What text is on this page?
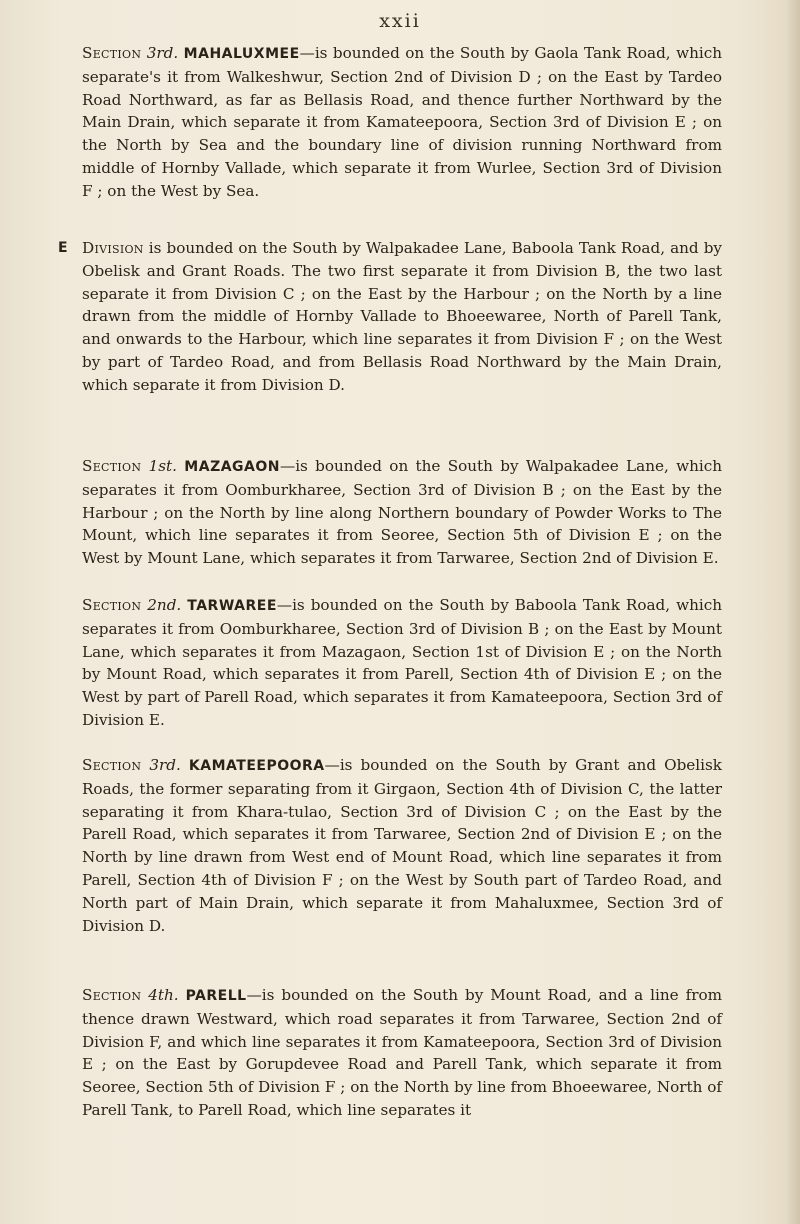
xxii

Section 3rd. MAHALUXMEE—is bounded on the South by Gaola Tank Road, which separate's it from Walkeshwur, Section 2nd of Division D ; on the East by Tardeo Road Northward, as far as Bellasis Road, and thence further Northward by the Main Drain, which separate it from Kamateepoora, Section 3rd of Division E ; on the North by Sea and the boundary line of division running Northward from middle of Hornby Vallade, which separate it from Wurlee, Section 3rd of Division F ; on the West by Sea.

E Division is bounded on the South by Walpakadee Lane, Baboola Tank Road, and by Obelisk and Grant Roads. The two first separate it from Division B, the two last separate it from Division C ; on the East by the Harbour ; on the North by a line drawn from the middle of Hornby Vallade to Bhoeewaree, North of Parell Tank, and onwards to the Harbour, which line separates it from Division F ; on the West by part of Tardeo Road, and from Bellasis Road Northward by the Main Drain, which separate it from Division D.

Section 1st. MAZAGAON—is bounded on the South by Walpakadee Lane, which separates it from Oomburkharee, Section 3rd of Division B ; on the East by the Harbour ; on the North by line along Northern boundary of Powder Works to The Mount, which line separates it from Seoree, Section 5th of Division E ; on the West by Mount Lane, which separates it from Tarwaree, Section 2nd of Division E.

Section 2nd. TARWAREE—is bounded on the South by Baboola Tank Road, which separates it from Oomburkharee, Section 3rd of Division B ; on the East by Mount Lane, which separates it from Mazagaon, Section 1st of Division E ; on the North by Mount Road, which separates it from Parell, Section 4th of Division E ; on the West by part of Parell Road, which separates it from Kamateepoora, Section 3rd of Division E.

Section 3rd. KAMATEEPOORA—is bounded on the South by Grant and Obelisk Roads, the former separating from it Girgaon, Section 4th of Division C, the latter separating it from Khara-tulao, Section 3rd of Division C ; on the East by the Parell Road, which separates it from Tarwaree, Section 2nd of Division E ; on the North by line drawn from West end of Mount Road, which line separates it from Parell, Section 4th of Division F ; on the West by South part of Tardeo Road, and North part of Main Drain, which separate it from Mahaluxmee, Section 3rd of Division D.

Section 4th. PARELL—is bounded on the South by Mount Road, and a line from thence drawn Westward, which road separates it from Tarwaree, Section 2nd of Division F, and which line separates it from Kamateepoora, Section 3rd of Division E ; on the East by Gorupdevee Road and Parell Tank, which separate it from Seoree, Section 5th of Division F ; on the North by line from Bhoeewaree, North of Parell Tank, to Parell Road, which line separates it
